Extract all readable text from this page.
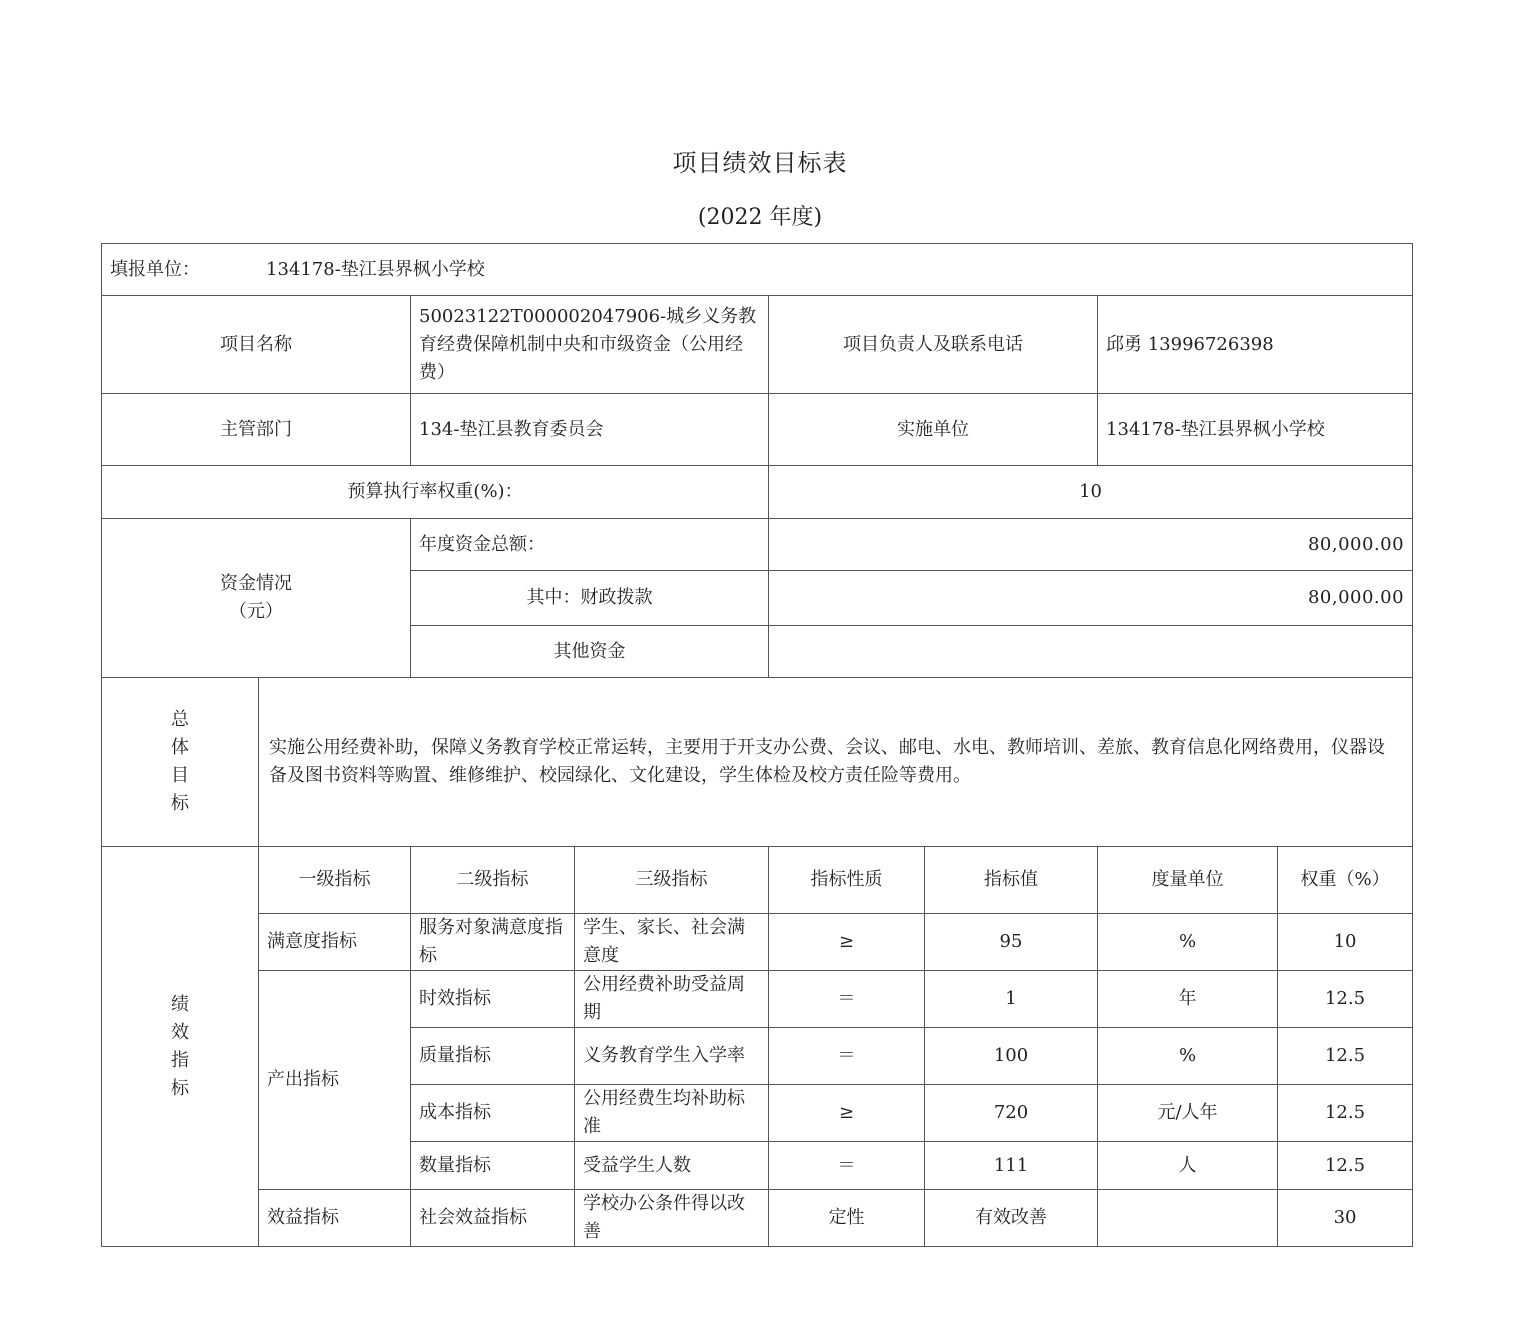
项目绩效目标表
(2022 年度)
填报单位： 134178-垫江县界枫小学校							
项目名称		50023122T000002047906-城乡义务教育经费保障机制中央和市级资金（公用经费）		项目负责人及联系电话		邱勇 13996726398	
主管部门		134-垫江县教育委员会		实施单位		134178-垫江县界枫小学校	
预算执行率权重(%)：				10			

资金情况
（元）		年度资金总额：		80,000.00			
		其中：财政拨款		80,000.00			
		其他资金					

总
体
目
标	实施公用经费补助，保障义务教育学校正常运转，主要用于开支办公费、会议、邮电、水电、教师培训、差旅、教育信息化网络费用，仪器设备及图书资料等购置、维修维护、校园绿化、文化建设，学生体检及校方责任险等费用。						

绩
效
指
标	一级指标	二级指标	三级指标	指标性质	指标值	度量单位	权重（%）
	满意度指标	服务对象满意度指标	学生、家长、社会满意度	≥	95	%	10
	产出指标	时效指标	公用经费补助受益周期	＝	1	年	12.5
		质量指标	义务教育学生入学率	＝	100	%	12.5
		成本指标	公用经费生均补助标准	≥	720	元/人年	12.5
		数量指标	受益学生人数	＝	111	人	12.5
	效益指标	社会效益指标	学校办公条件得以改善	定性	有效改善		30
